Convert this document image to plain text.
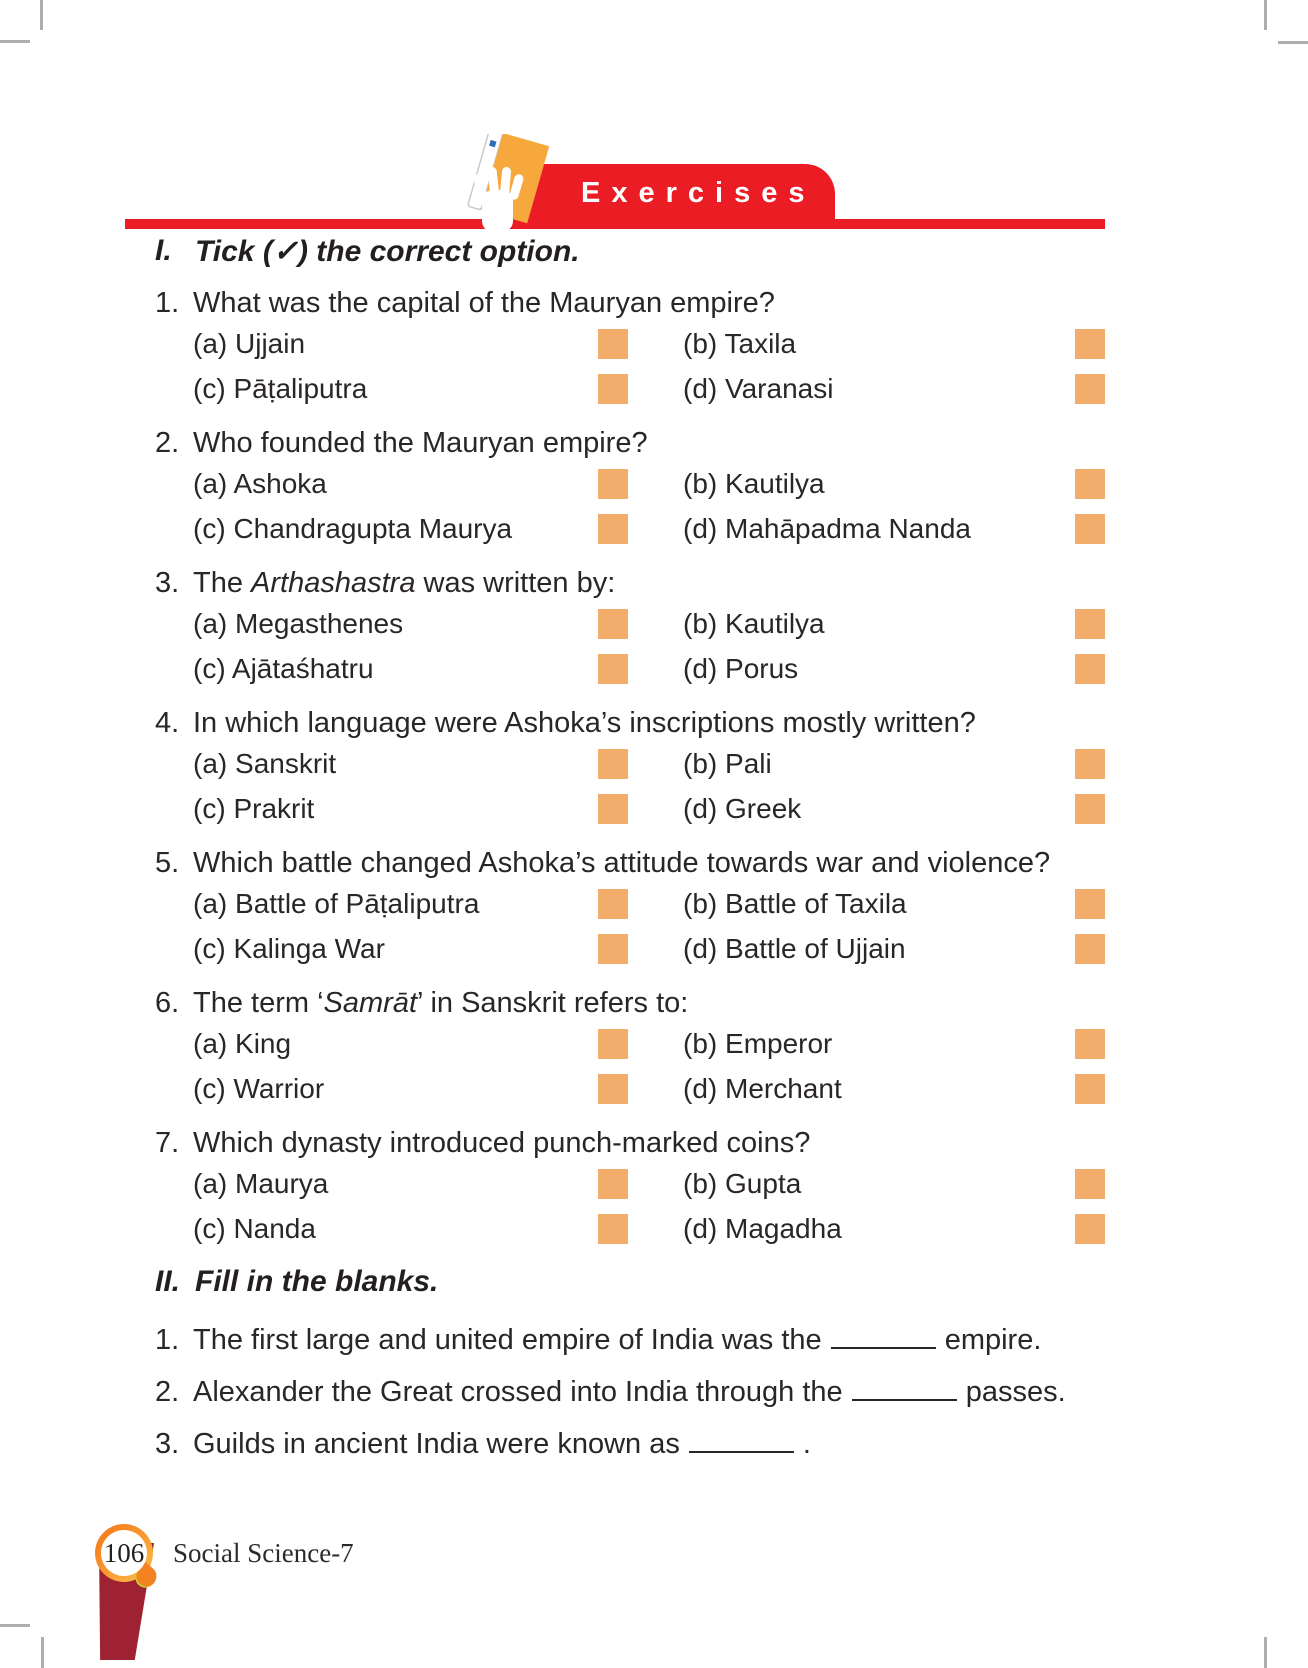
Exercises
I. Tick (✓) the correct option.
1. What was the capital of the Mauryan empire?
(a) Ujjain	(b) Taxila
(c) Pāṭaliputra	(d) Varanasi
2. Who founded the Mauryan empire?
(a) Ashoka	(b) Kautilya
(c) Chandragupta Maurya	(d) Mahāpadma Nanda
3. The Arthashastra was written by:
(a) Megasthenes	(b) Kautilya
(c) Ajātaśhatru	(d) Porus
4. In which language were Ashoka’s inscriptions mostly written?
(a) Sanskrit	(b) Pali
(c) Prakrit	(d) Greek
5. Which battle changed Ashoka’s attitude towards war and violence?
(a) Battle of Pāṭaliputra	(b) Battle of Taxila
(c) Kalinga War	(d) Battle of Ujjain
6. The term ‘Samrāt’ in Sanskrit refers to:
(a) King	(b) Emperor
(c) Warrior	(d) Merchant
7. Which dynasty introduced punch-marked coins?
(a) Maurya	(b) Gupta
(c) Nanda	(d) Magadha
II. Fill in the blanks.
1. The first large and united empire of India was the	empire.
2. Alexander the Great crossed into India through the	passes.
3. Guilds in ancient India were known as	.
106 Social Science-7
